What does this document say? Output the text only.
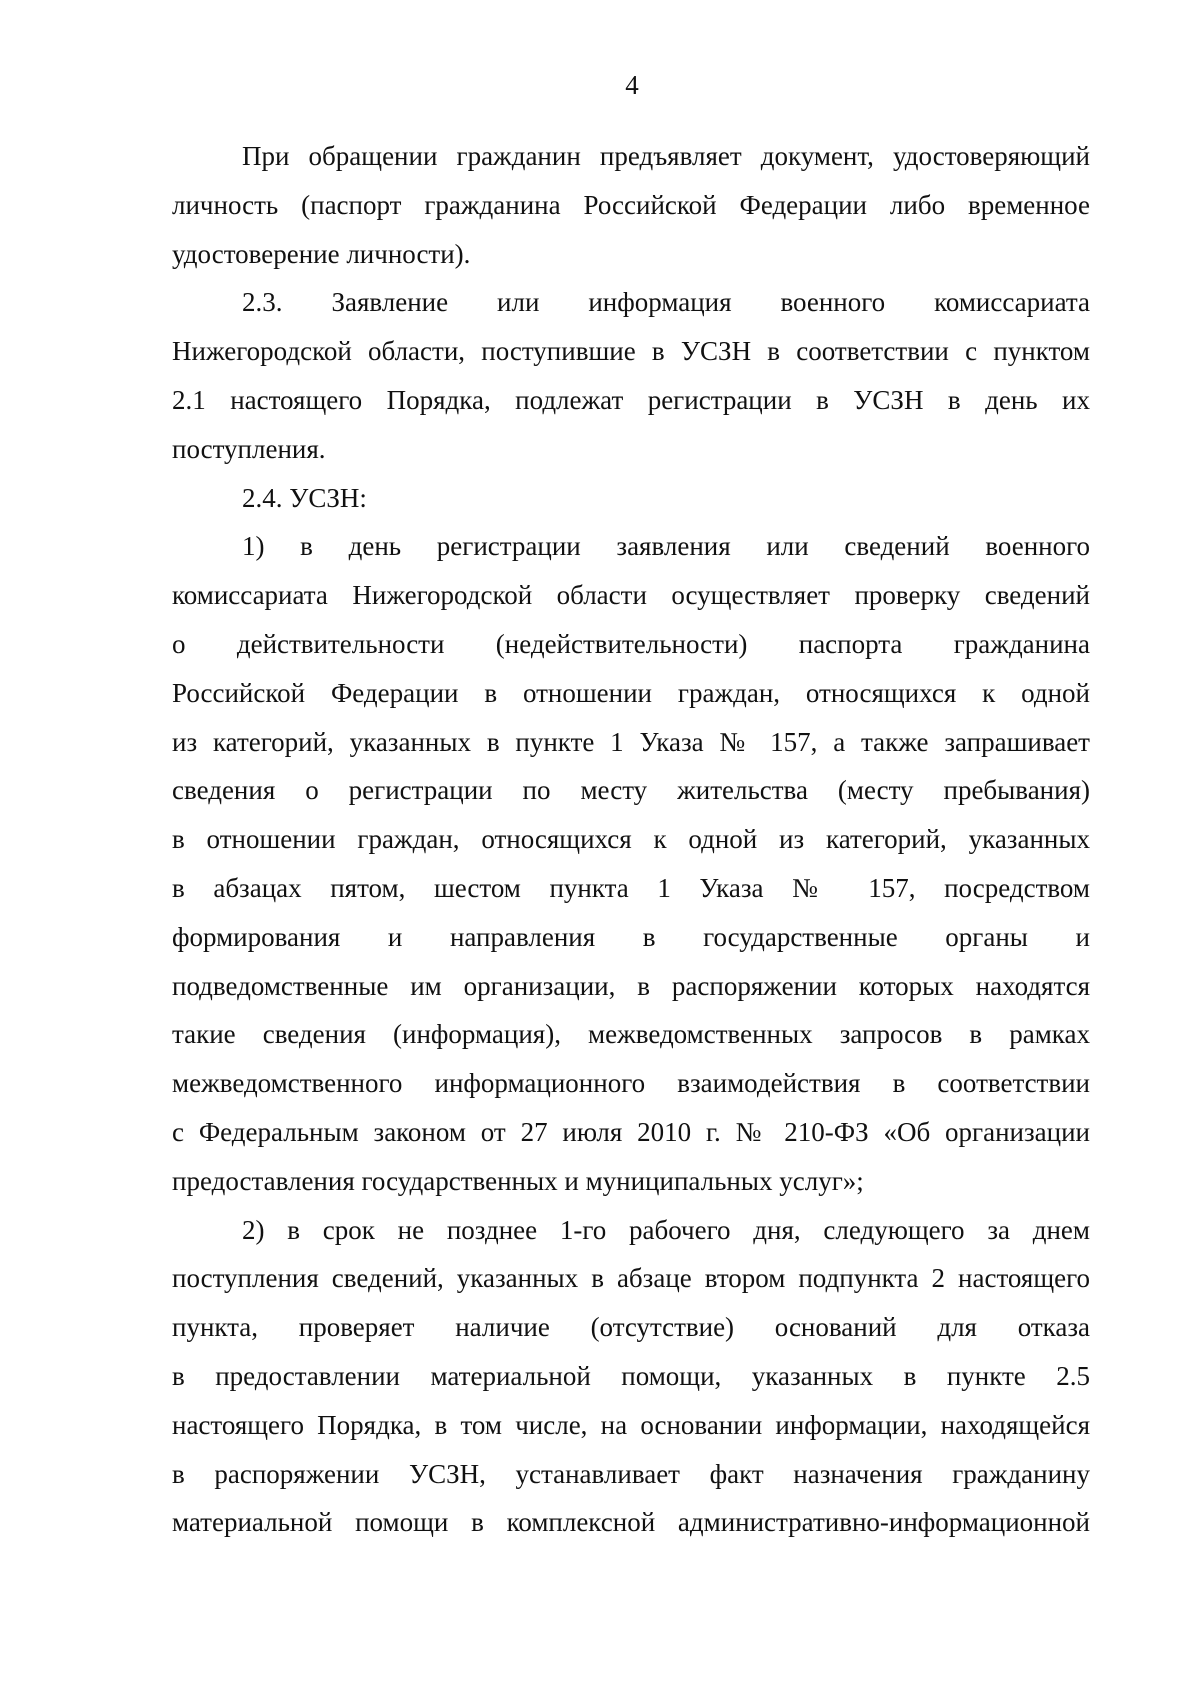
4
При обращении гражданин предъявляет документ, удостоверяющий
личность (паспорт гражданина Российской Федерации либо временное
удостоверение личности).
2.3. Заявление или информация военного комиссариата
Нижегородской области, поступившие в УСЗН в соответствии с пунктом
2.1 настоящего Порядка, подлежат регистрации в УСЗН в день их
поступления.
2.4. УСЗН:
1) в день регистрации заявления или сведений военного
комиссариата Нижегородской области осуществляет проверку сведений
о действительности (недействительности) паспорта гражданина
Российской Федерации в отношении граждан, относящихся к одной
из категорий, указанных в пункте 1 Указа № 157, а также запрашивает
сведения о регистрации по месту жительства (месту пребывания)
в отношении граждан, относящихся к одной из категорий, указанных
в абзацах пятом, шестом пункта 1 Указа № 157, посредством
формирования и направления в государственные органы и
подведомственные им организации, в распоряжении которых находятся
такие сведения (информация), межведомственных запросов в рамках
межведомственного информационного взаимодействия в соответствии
с Федеральным законом от 27 июля 2010 г. № 210-ФЗ «Об организации
предоставления государственных и муниципальных услуг»;
2) в срок не позднее 1-го рабочего дня, следующего за днем
поступления сведений, указанных в абзаце втором подпункта 2 настоящего
пункта, проверяет наличие (отсутствие) оснований для отказа
в предоставлении материальной помощи, указанных в пункте 2.5
настоящего Порядка, в том числе, на основании информации, находящейся
в распоряжении УСЗН, устанавливает факт назначения гражданину
материальной помощи в комплексной административно-информационной
